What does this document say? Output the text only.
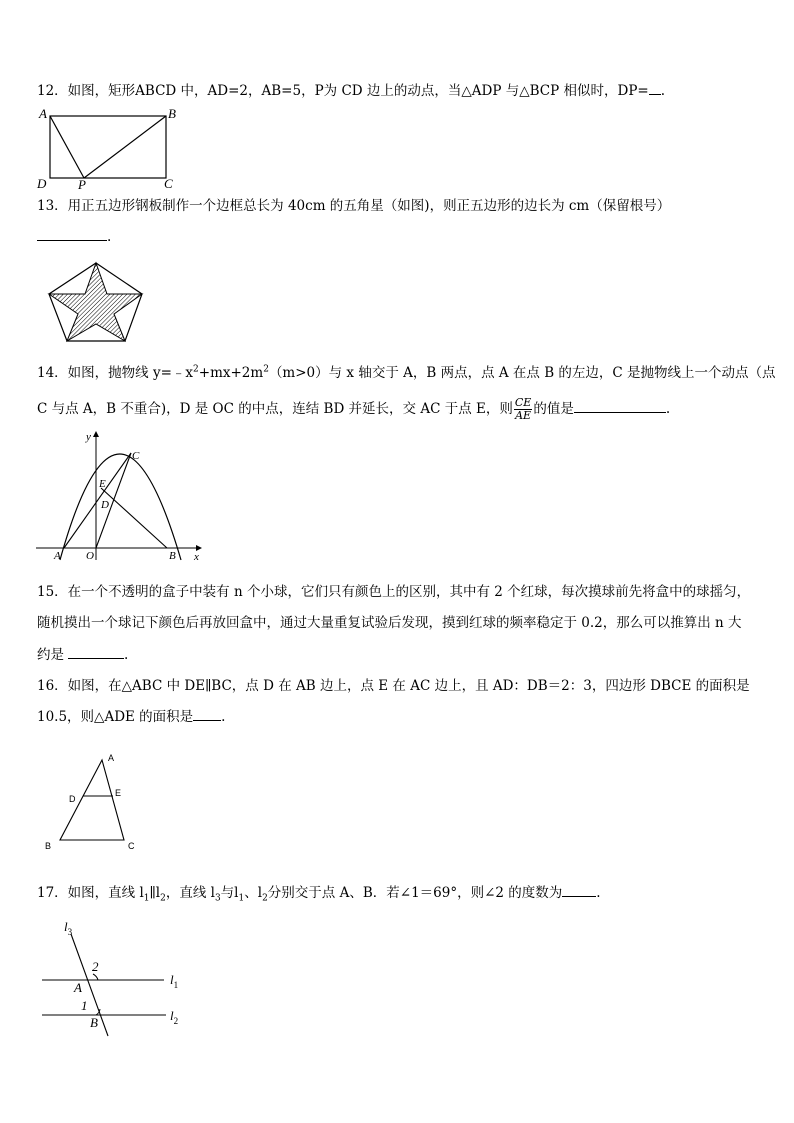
12．如图，矩形ABCD 中，AD=2，AB=5，P为 CD 边上的动点，当△ADP 与△BCP 相似时，DP= .
A	B
C
D P
13．用正五边形钢板制作一个边框总长为 40cm 的五角星（如图)，则正五边形的边长为 cm（保留根号）
.
14．如图，抛物线 $y=﹣x^2+mx+2m^2(m>0)$与 x 轴交于 A，B 两点，点 A 在点 B 的左边，C 是抛物线上一个动点（点
C 与点 A，B 不重合)，D 是 OC 的中点，连结 BD 并延长，交 AC 于点 E，则 $\frac{CE}{AE}$ 的值是	.
y
x
A O	B
C
D
E
15．在一个不透明的盒子中装有 n 个小球，它们只有颜色上的区别，其中有 2 个红球，每次摸球前先将盒中的球摇匀，
随机摸出一个球记下颜色后再放回盒中，通过大量重复试验后发现，摸到红球的频率稳定于 0.2，那么可以推算出 n 大
约是	.
16．如图，在△ABC 中 DE∥BC，点 D 在 AB 边上，点 E 在 AC 边上，且 AD：DB＝2：3，四边形 DBCE 的面积是
10.5，则△ADE 的面积是 .
A
B	C
D
E
17．如图，直线 $l_1\parallel l_2$，直线 $l_3$与$l_1$、$l_2$分别交于点 A、B．若∠1＝69°，则∠2 的度数为	.
$l_3$
$l_1$
$l_2$
2
1
A
B
